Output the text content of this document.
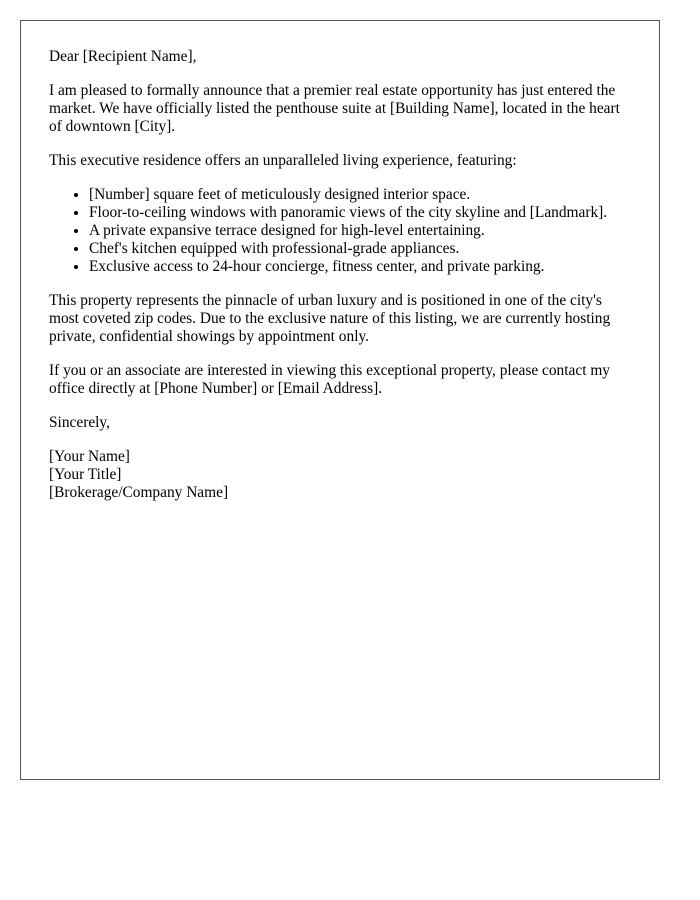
Dear [Recipient Name],

I am pleased to formally announce that a premier real estate opportunity has just entered the market. We have officially listed the penthouse suite at [Building Name], located in the heart of downtown [City].

This executive residence offers an unparalleled living experience, featuring:

• [Number] square feet of meticulously designed interior space.
• Floor-to-ceiling windows with panoramic views of the city skyline and [Landmark].
• A private expansive terrace designed for high-level entertaining.
• Chef's kitchen equipped with professional-grade appliances.
• Exclusive access to 24-hour concierge, fitness center, and private parking.

This property represents the pinnacle of urban luxury and is positioned in one of the city's most coveted zip codes. Due to the exclusive nature of this listing, we are currently hosting private, confidential showings by appointment only.

If you or an associate are interested in viewing this exceptional property, please contact my office directly at [Phone Number] or [Email Address].

Sincerely,

[Your Name]
[Your Title]
[Brokerage/Company Name]
